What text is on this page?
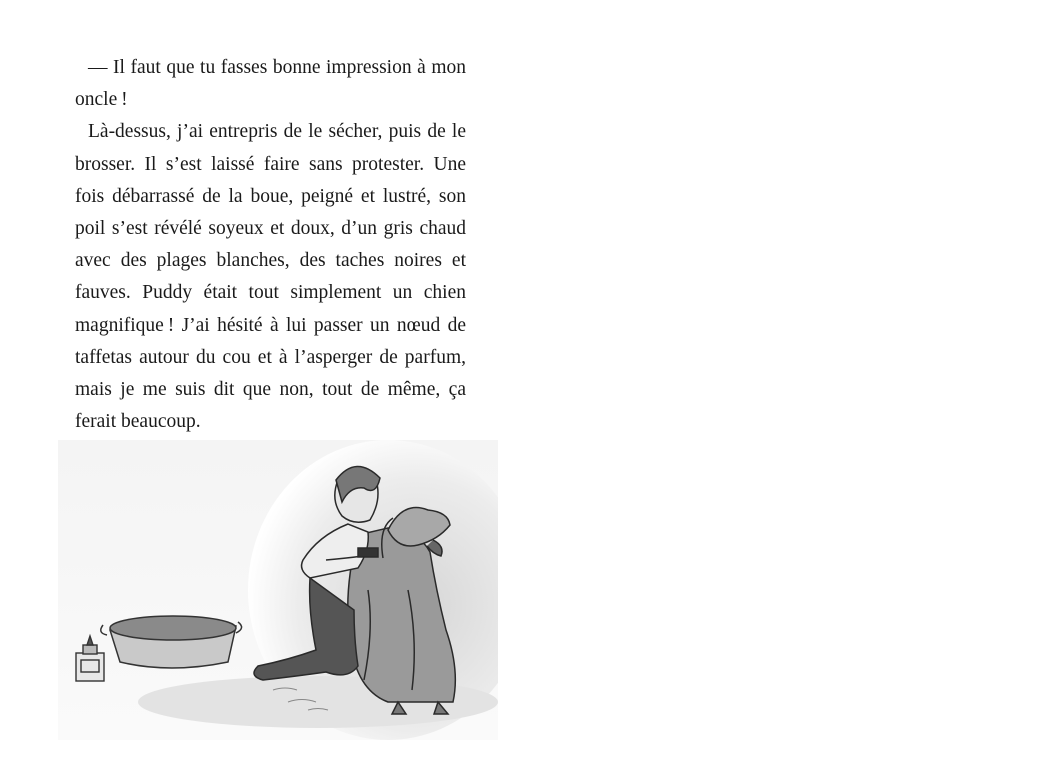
— Il faut que tu fasses bonne impression à mon oncle !

Là-dessus, j’ai entrepris de le sécher, puis de le brosser. Il s’est laissé faire sans protester. Une fois débarrassé de la boue, peigné et lustré, son poil s’est révélé soyeux et doux, d’un gris chaud avec des plages blanches, des taches noires et fauves. Puddy était tout simplement un chien magnifique ! J’ai hésité à lui passer un nœud de taffetas autour du cou et à l’asperger de parfum, mais je me suis dit que non, tout de même, ça ferait beaucoup.
